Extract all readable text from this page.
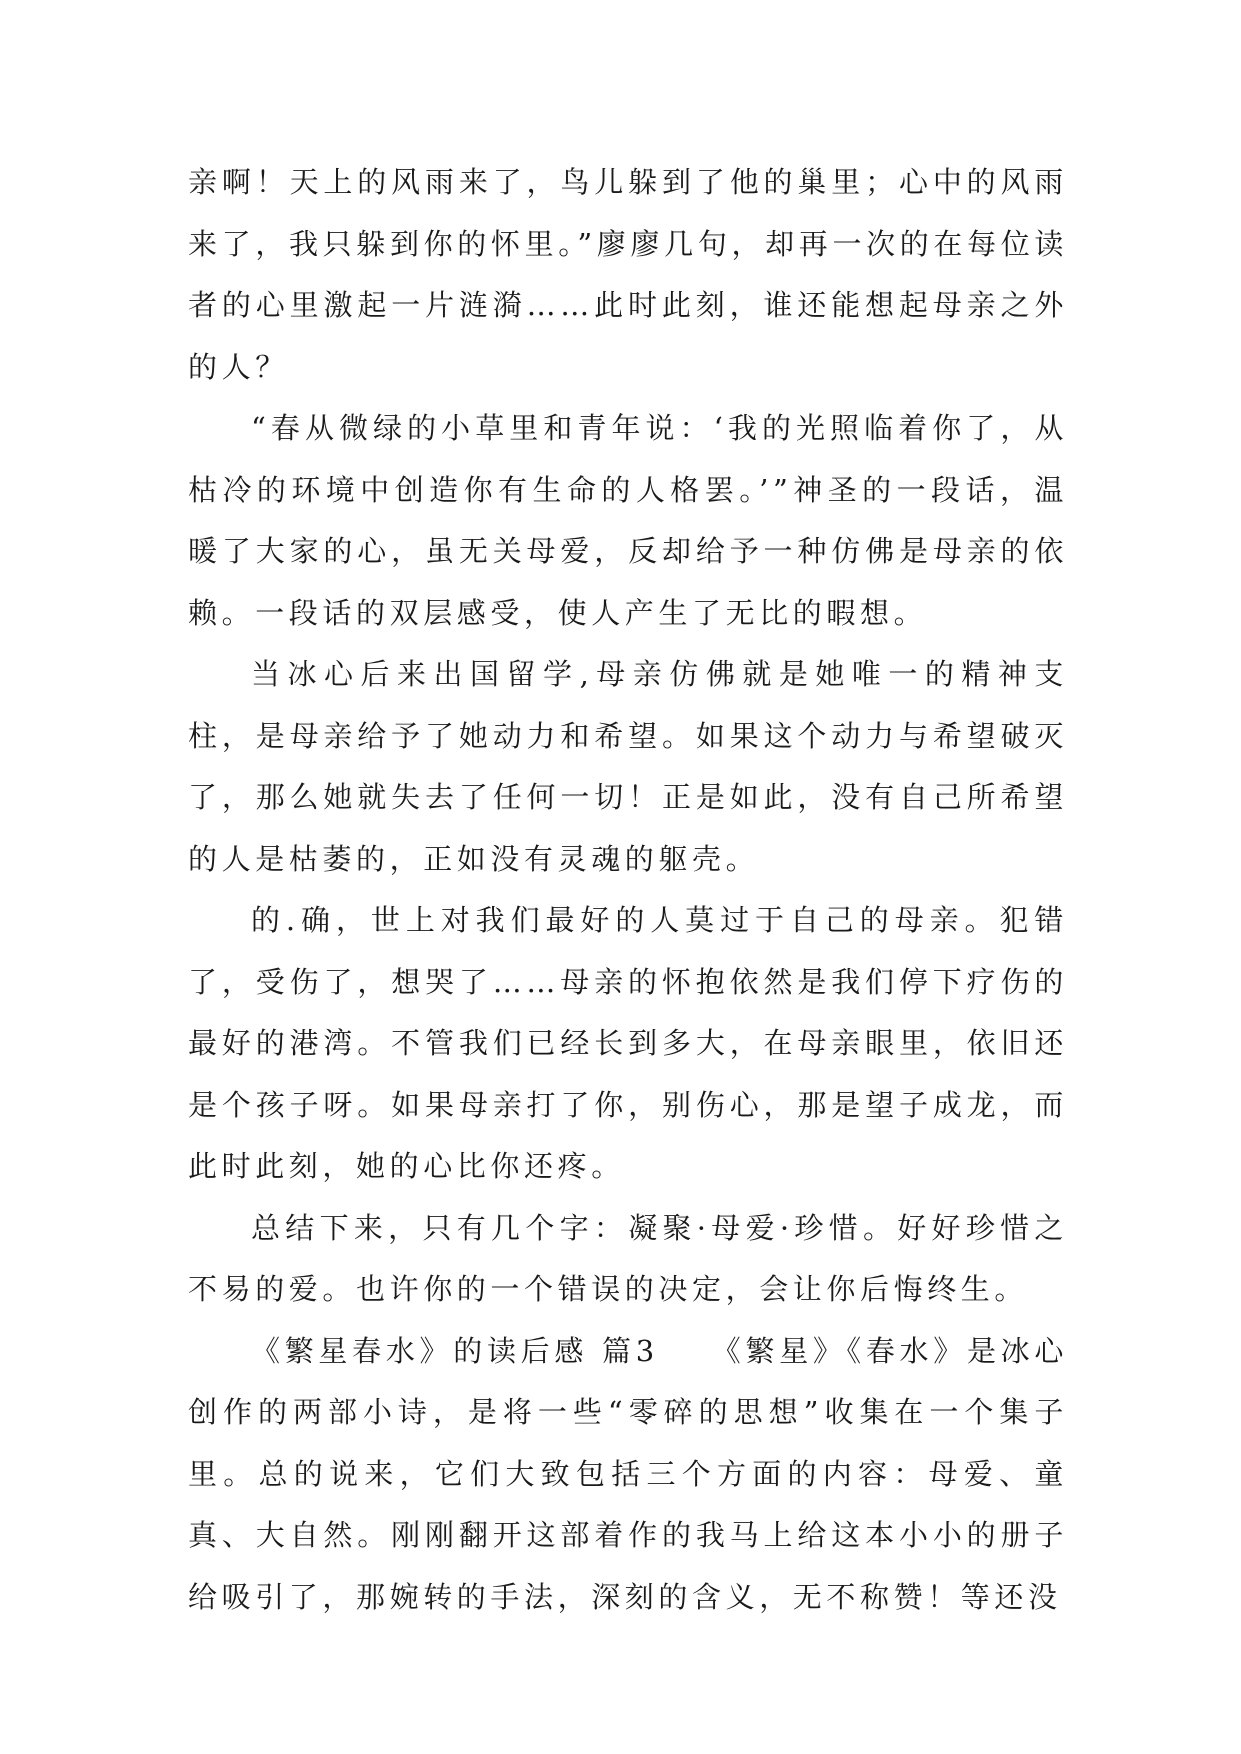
亲啊！天上的风雨来了，鸟儿躲到了他的巢里；心中的风雨来了，我只躲到你的怀里。”廖廖几句，却再一次的在每位读者的心里激起一片涟漪……此时此刻，谁还能想起母亲之外的人？

“春从微绿的小草里和青年说：‘我的光照临着你了，从枯冷的环境中创造你有生命的人格罢。’”神圣的一段话，温暖了大家的心，虽无关母爱，反却给予一种仿佛是母亲的依赖。一段话的双层感受，使人产生了无比的暇想。

当冰心后来出国留学,母亲仿佛就是她唯一的精神支柱，是母亲给予了她动力和希望。如果这个动力与希望破灭了，那么她就失去了任何一切！正是如此，没有自己所希望的人是枯萎的，正如没有灵魂的躯壳。

的.确，世上对我们最好的人莫过于自己的母亲。犯错了，受伤了，想哭了……母亲的怀抱依然是我们停下疗伤的最好的港湾。不管我们已经长到多大，在母亲眼里，依旧还是个孩子呀。如果母亲打了你，别伤心，那是望子成龙，而此时此刻，她的心比你还疼。

总结下来，只有几个字：凝聚·母爱·珍惜。好好珍惜之不易的爱。也许你的一个错误的决定，会让你后悔终生。

《繁星春水》的读后感 篇3　　《繁星》《春水》是冰心创作的两部小诗，是将一些“零碎的思想”收集在一个集子里。总的说来，它们大致包括三个方面的内容：母爱、童真、大自然。刚刚翻开这部着作的我马上给这本小小的册子给吸引了，那婉转的手法，深刻的含义，无不称赞！等还没
